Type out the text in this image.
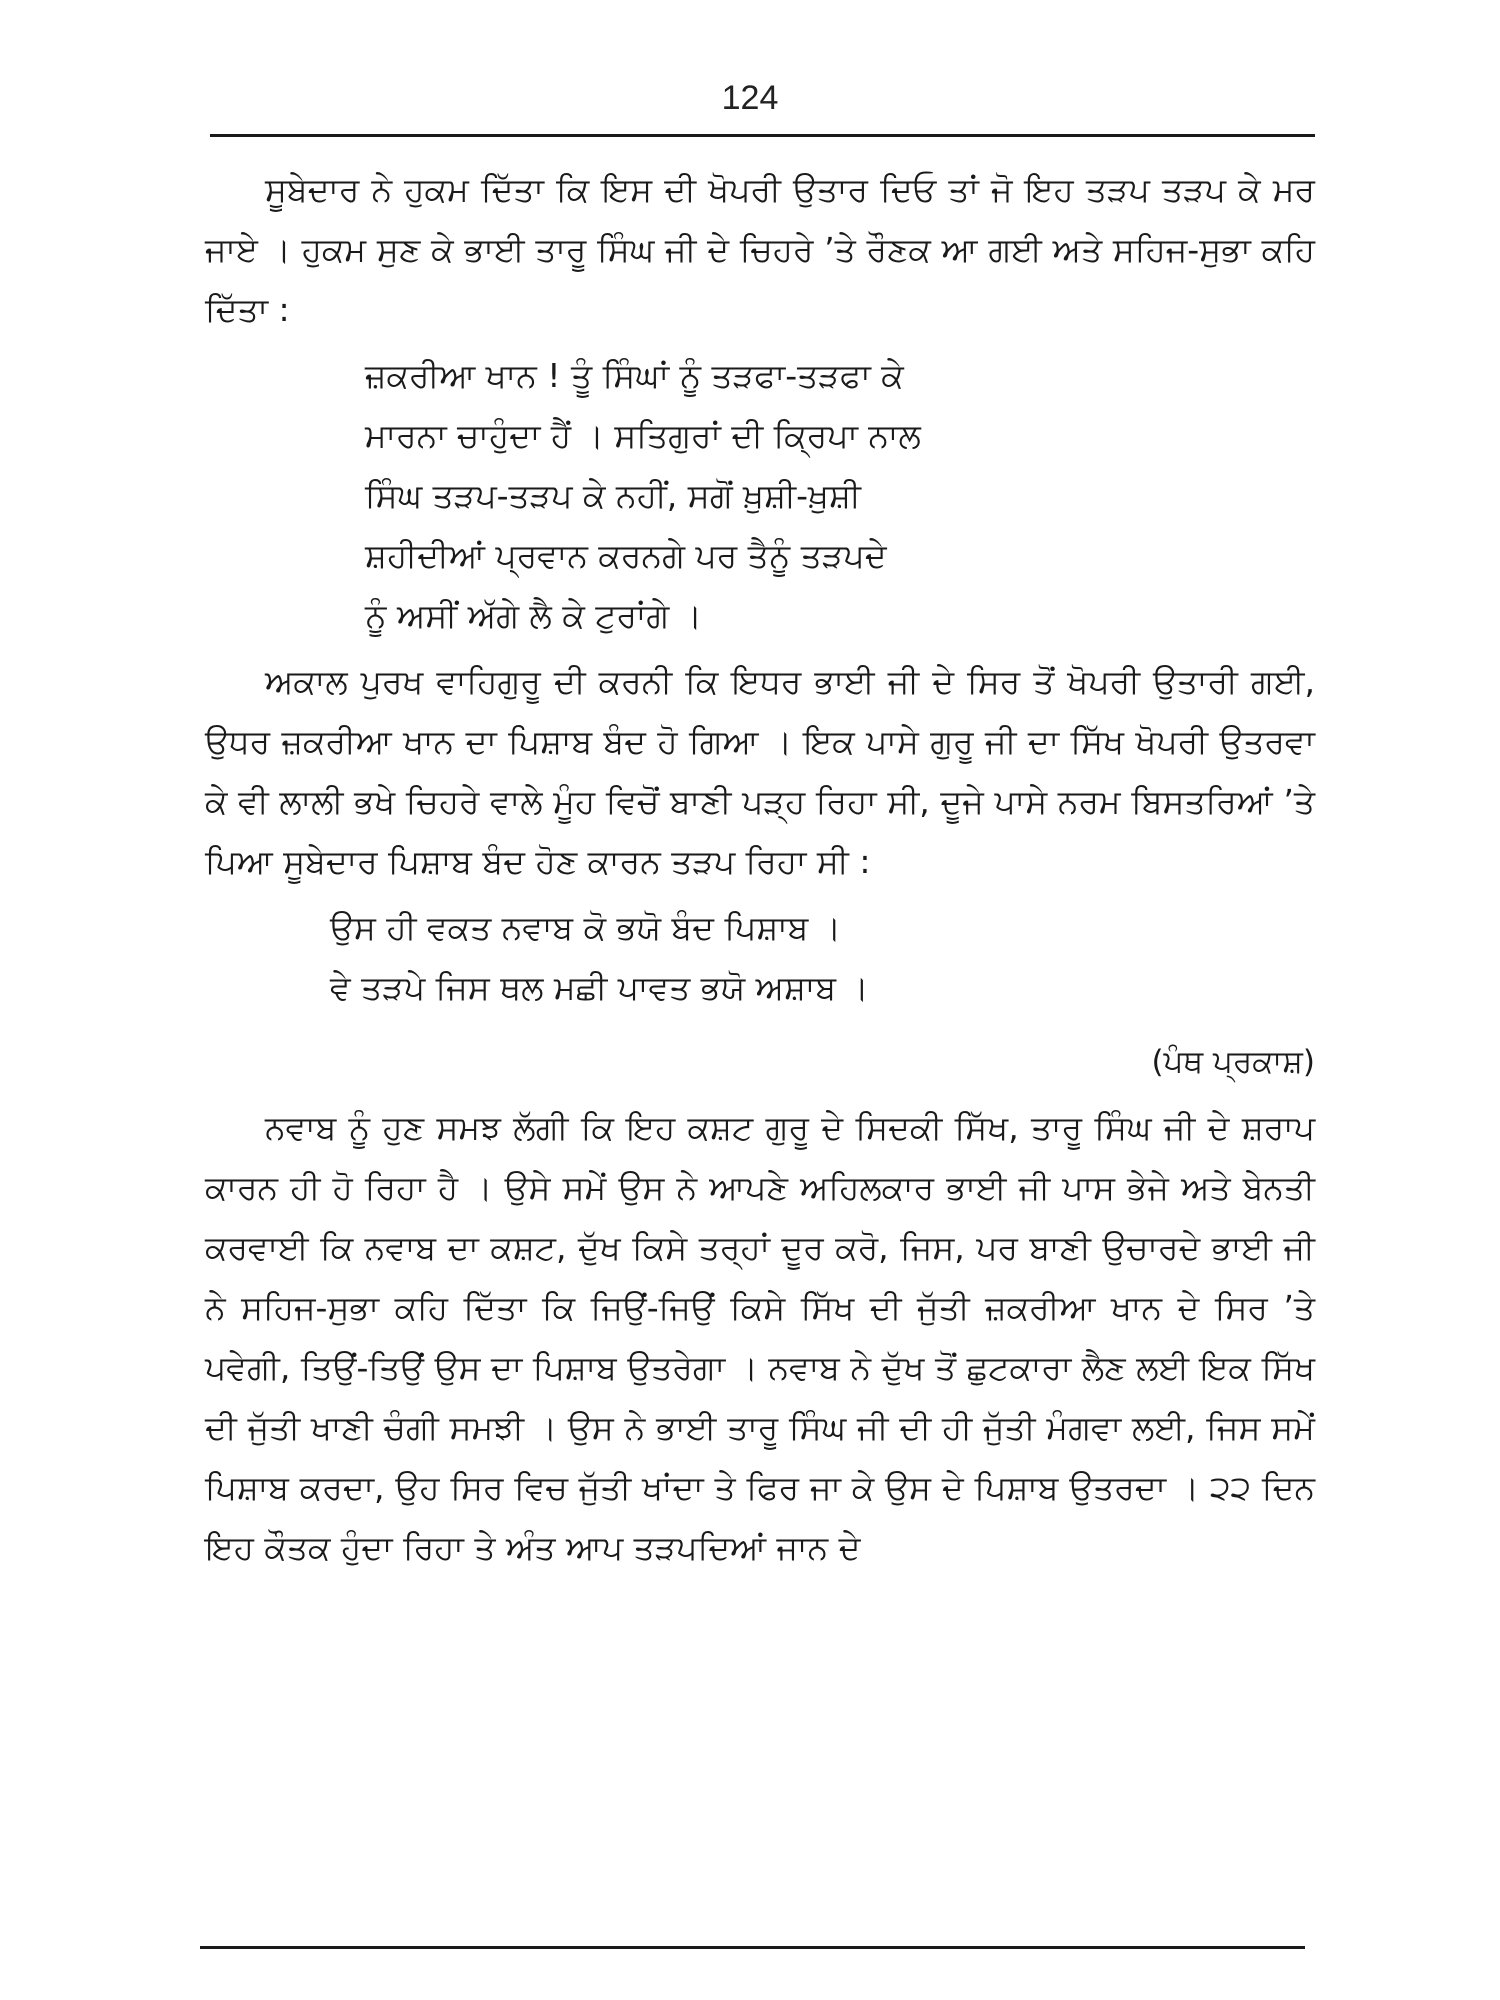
124

ਸੂਬੇਦਾਰ ਨੇ ਹੁਕਮ ਦਿੱਤਾ ਕਿ ਇਸ ਦੀ ਖੋਪਰੀ ਉਤਾਰ ਦਿਓ ਤਾਂ ਜੋ ਇਹ ਤੜਪ ਤੜਪ ਕੇ ਮਰ ਜਾਏ । ਹੁਕਮ ਸੁਣ ਕੇ ਭਾਈ ਤਾਰੂ ਸਿੰਘ ਜੀ ਦੇ ਚਿਹਰੇ ’ਤੇ ਰੌਣਕ ਆ ਗਈ ਅਤੇ ਸਹਿਜ-ਸੁਭਾ ਕਹਿ ਦਿੱਤਾ :

ਜ਼ਕਰੀਆ ਖਾਨ ! ਤੂੰ ਸਿੰਘਾਂ ਨੂੰ ਤੜਫਾ-ਤੜਫਾ ਕੇ
ਮਾਰਨਾ ਚਾਹੁੰਦਾ ਹੈਂ । ਸਤਿਗੁਰਾਂ ਦੀ ਕ੍ਰਿਪਾ ਨਾਲ
ਸਿੰਘ ਤੜਪ-ਤੜਪ ਕੇ ਨਹੀਂ, ਸਗੋਂ ਖ਼ੁਸ਼ੀ-ਖ਼ੁਸ਼ੀ
ਸ਼ਹੀਦੀਆਂ ਪ੍ਰਵਾਨ ਕਰਨਗੇ ਪਰ ਤੈਨੂੰ ਤੜਪਦੇ
ਨੂੰ ਅਸੀਂ ਅੱਗੇ ਲੈ ਕੇ ਟੁਰਾਂਗੇ ।

ਅਕਾਲ ਪੁਰਖ ਵਾਹਿਗੁਰੂ ਦੀ ਕਰਨੀ ਕਿ ਇਧਰ ਭਾਈ ਜੀ ਦੇ ਸਿਰ ਤੋਂ ਖੋਪਰੀ ਉਤਾਰੀ ਗਈ, ਉਧਰ ਜ਼ਕਰੀਆ ਖਾਨ ਦਾ ਪਿਸ਼ਾਬ ਬੰਦ ਹੋ ਗਿਆ । ਇਕ ਪਾਸੇ ਗੁਰੂ ਜੀ ਦਾ ਸਿੱਖ ਖੋਪਰੀ ਉਤਰਵਾ ਕੇ ਵੀ ਲਾਲੀ ਭਖੇ ਚਿਹਰੇ ਵਾਲੇ ਮੂੰਹ ਵਿਚੋਂ ਬਾਣੀ ਪੜ੍ਹ ਰਿਹਾ ਸੀ, ਦੂਜੇ ਪਾਸੇ ਨਰਮ ਬਿਸਤਰਿਆਂ ’ਤੇ ਪਿਆ ਸੂਬੇਦਾਰ ਪਿਸ਼ਾਬ ਬੰਦ ਹੋਣ ਕਾਰਨ ਤੜਪ ਰਿਹਾ ਸੀ :

ਉਸ ਹੀ ਵਕਤ ਨਵਾਬ ਕੋ ਭਯੋ ਬੰਦ ਪਿਸ਼ਾਬ ।
ਵੇ ਤੜਪੇ ਜਿਸ ਥਲ ਮਛੀ ਪਾਵਤ ਭਯੋ ਅਸ਼ਾਬ ।
(ਪੰਥ ਪ੍ਰਕਾਸ਼)

ਨਵਾਬ ਨੂੰ ਹੁਣ ਸਮਝ ਲੱਗੀ ਕਿ ਇਹ ਕਸ਼ਟ ਗੁਰੂ ਦੇ ਸਿਦਕੀ ਸਿੱਖ, ਤਾਰੂ ਸਿੰਘ ਜੀ ਦੇ ਸ਼ਰਾਪ ਕਾਰਨ ਹੀ ਹੋ ਰਿਹਾ ਹੈ । ਉਸੇ ਸਮੇਂ ਉਸ ਨੇ ਆਪਣੇ ਅਹਿਲਕਾਰ ਭਾਈ ਜੀ ਪਾਸ ਭੇਜੇ ਅਤੇ ਬੇਨਤੀ ਕਰਵਾਈ ਕਿ ਨਵਾਬ ਦਾ ਕਸ਼ਟ, ਦੁੱਖ ਕਿਸੇ ਤਰ੍ਹਾਂ ਦੂਰ ਕਰੋ, ਜਿਸ, ਪਰ ਬਾਣੀ ਉਚਾਰਦੇ ਭਾਈ ਜੀ ਨੇ ਸਹਿਜ-ਸੁਭਾ ਕਹਿ ਦਿੱਤਾ ਕਿ ਜਿਉਂ-ਜਿਉਂ ਕਿਸੇ ਸਿੱਖ ਦੀ ਜੁੱਤੀ ਜ਼ਕਰੀਆ ਖਾਨ ਦੇ ਸਿਰ ’ਤੇ ਪਵੇਗੀ, ਤਿਉਂ-ਤਿਉਂ ਉਸ ਦਾ ਪਿਸ਼ਾਬ ਉਤਰੇਗਾ । ਨਵਾਬ ਨੇ ਦੁੱਖ ਤੋਂ ਛੁਟਕਾਰਾ ਲੈਣ ਲਈ ਇਕ ਸਿੱਖ ਦੀ ਜੁੱਤੀ ਖਾਣੀ ਚੰਗੀ ਸਮਝੀ । ਉਸ ਨੇ ਭਾਈ ਤਾਰੂ ਸਿੰਘ ਜੀ ਦੀ ਹੀ ਜੁੱਤੀ ਮੰਗਵਾ ਲਈ, ਜਿਸ ਸਮੇਂ ਪਿਸ਼ਾਬ ਕਰਦਾ, ਉਹ ਸਿਰ ਵਿਚ ਜੁੱਤੀ ਖਾਂਦਾ ਤੇ ਫਿਰ ਜਾ ਕੇ ਉਸ ਦੇ ਪਿਸ਼ਾਬ ਉਤਰਦਾ । ੨੨ ਦਿਨ ਇਹ ਕੌਤਕ ਹੁੰਦਾ ਰਿਹਾ ਤੇ ਅੰਤ ਆਪ ਤੜਪਦਿਆਂ ਜਾਨ ਦੇ
